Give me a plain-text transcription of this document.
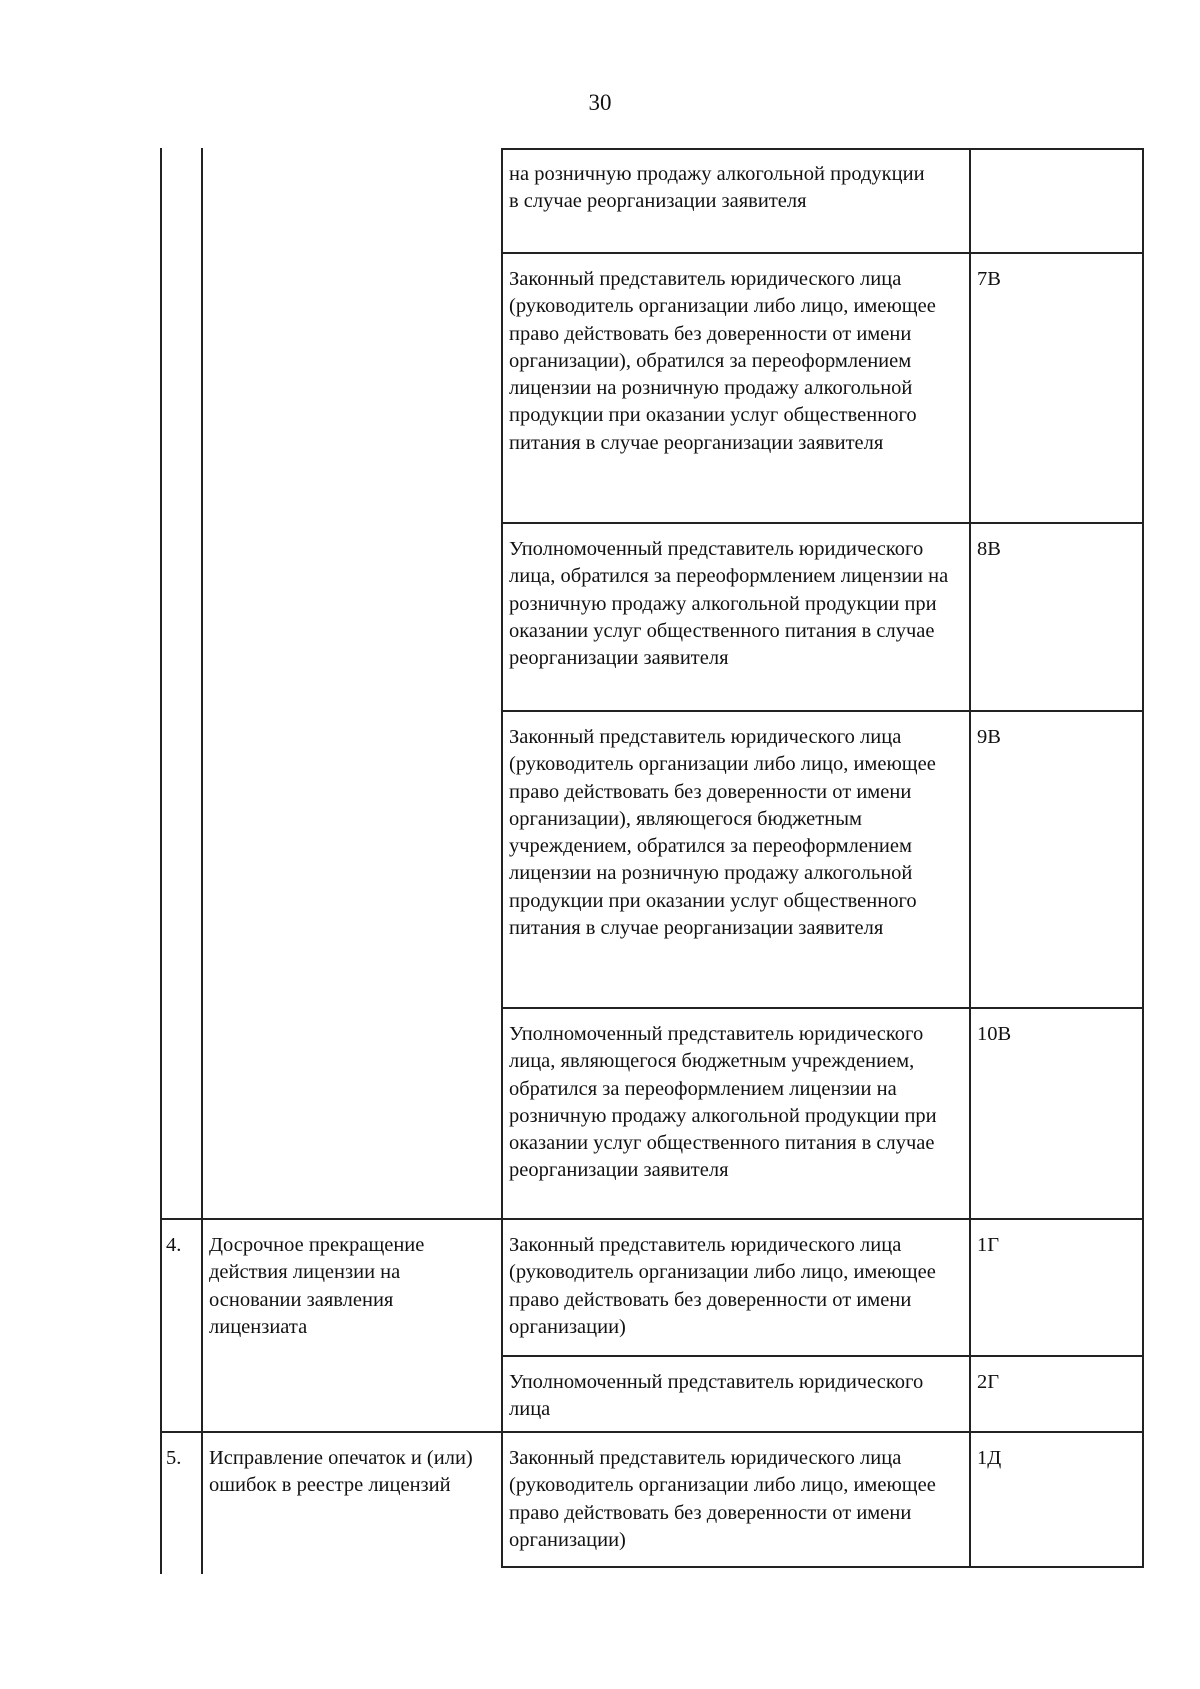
30
на розничную продажу алкогольной продукции в случае реорганизации заявителя
Законный представитель юридического лица (руководитель организации либо лицо, имеющее право действовать без доверенности от имени организации), обратился за переоформлением лицензии на розничную продажу алкогольной продукции при оказании услуг общественного питания в случае реорганизации заявителя
7В
Уполномоченный представитель юридического лица, обратился за переоформлением лицензии на розничную продажу алкогольной продукции при оказании услуг общественного питания в случае реорганизации заявителя
8В
Законный представитель юридического лица (руководитель организации либо лицо, имеющее право действовать без доверенности от имени организации), являющегося бюджетным учреждением, обратился за переоформлением лицензии на розничную продажу алкогольной продукции при оказании услуг общественного питания в случае реорганизации заявителя
9В
Уполномоченный представитель юридического лица, являющегося бюджетным учреждением, обратился за переоформлением лицензии на розничную продажу алкогольной продукции при оказании услуг общественного питания в случае реорганизации заявителя
10В
Законный представитель юридического лица (руководитель организации либо лицо, имеющее право действовать без доверенности от имени организации)
1Г
Уполномоченный представитель юридического лица
2Г
Законный представитель юридического лица (руководитель организации либо лицо, имеющее право действовать без доверенности от имени организации)
1Д
4.	Досрочное прекращение действия лицензии на основании заявления лицензиата
5.	Исправление опечаток и (или) ошибок в реестре лицензий
